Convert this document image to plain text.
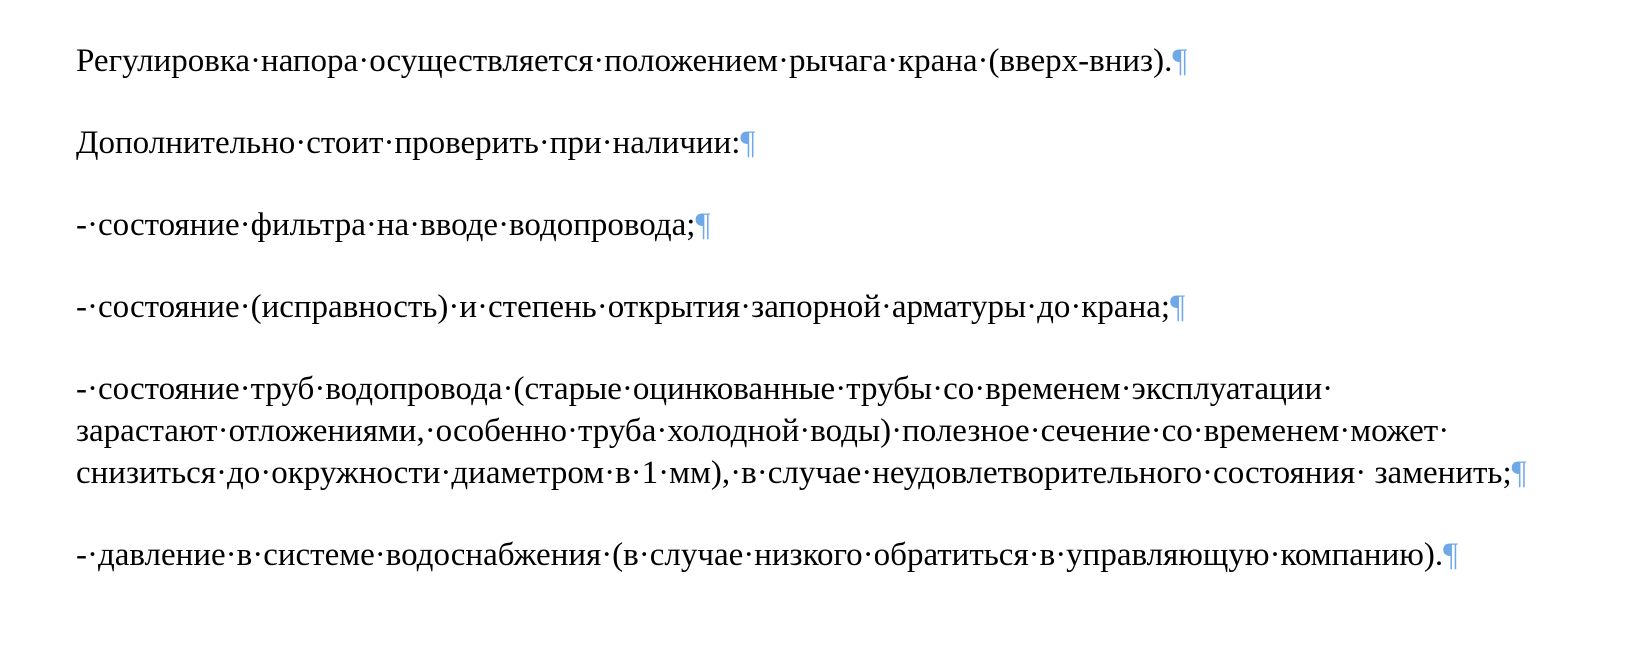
Регулировка·напора·осуществляется·положением·рычага·крана·(вверх-вниз).¶

Дополнительно·стоит·проверить·при·наличии:¶

-·состояние·фильтра·на·вводе·водопровода;¶

-·состояние·(исправность)·и·степень·открытия·запорной·арматуры·до·крана;¶

-·состояние·труб·водопровода·(старые·оцинкованные·трубы·со·временем·эксплуатации· зарастают·отложениями,·особенно·труба·холодной·воды)·полезное·сечение·со·временем·может· снизиться·до·окружности·диаметром·в·1·мм),·в·случае·неудовлетворительного·состояния· заменить;¶

-·давление·в·системе·водоснабжения·(в·случае·низкого·обратиться·в·управляющую·компанию).¶
